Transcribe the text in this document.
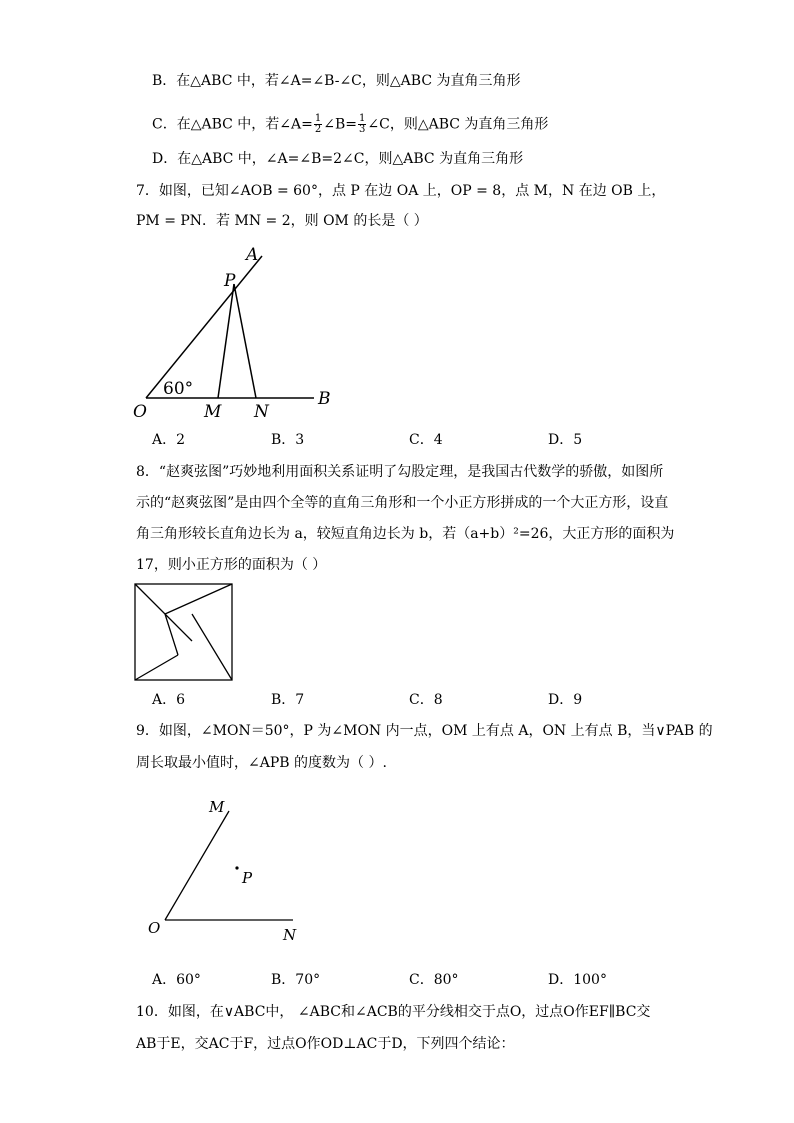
B．在△ABC 中，若∠A=∠B-∠C，则△ABC 为直角三角形
C．在△ABC 中，若∠A= $\frac{1}{2}$ ∠B= $\frac{1}{3}$ ∠C，则△ABC 为直角三角形
D．在△ABC 中，∠A=∠B=2∠C，则△ABC 为直角三角形
7．如图，已知∠AOB = 60°，点 P 在边 OA 上，OP = 8，点 M，N 在边 OB 上，
PM = PN．若 MN = 2，则 OM 的长是（ ）
A
P
60°
O	M N
B
A．2	B．3	C．4	D．5
8．“赵爽弦图”巧妙地利用面积关系证明了勾股定理，是我国古代数学的骄傲，如图所
示的“赵爽弦图”是由四个全等的直角三角形和一个小正方形拼成的一个大正方形，设直
角三角形较长直角边长为 a，较短直角边长为 b，若（a+b）²=26，大正方形的面积为
17，则小正方形的面积为（ ）
A．6	B．7	C．8	D．9
9．如图，∠MON＝50°，P 为∠MON 内一点，OM 上有点 A，ON 上有点 B，当∨PAB 的
周长取最小值时，∠APB 的度数为（ ）.
M
P
O	N
A．60°	B．70°	C．80°	D．100°
10．如图，在∨ABC中， ∠ABC和∠ACB的平分线相交于点O，过点O作EF∥BC交
AB于E，交AC于F，过点O作OD⊥AC于D，下列四个结论：
